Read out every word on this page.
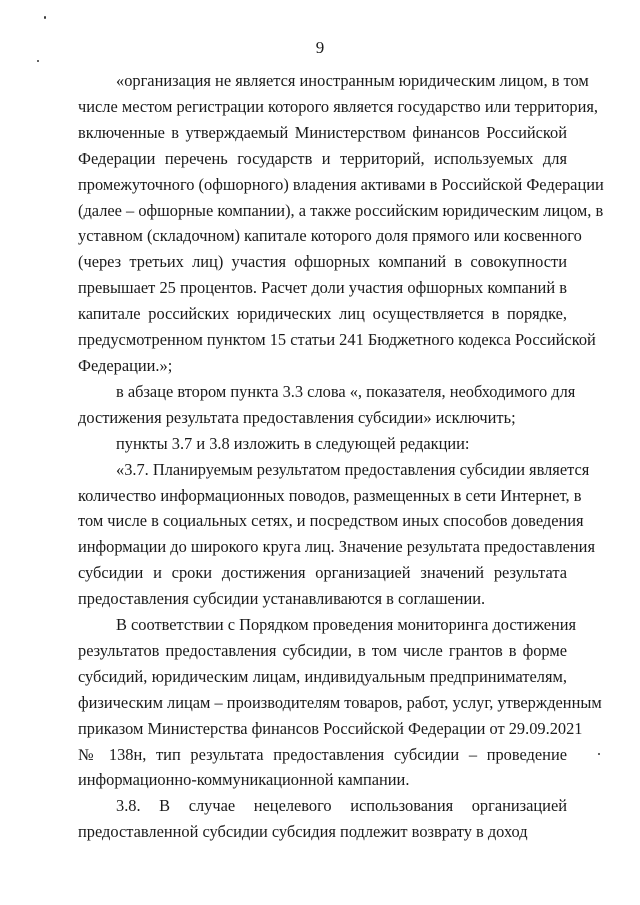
9
«организация не является иностранным юридическим лицом, в том
числе местом регистрации которого является государство или территория,
включенные в утверждаемый Министерством финансов Российской
Федерации перечень государств и территорий, используемых для
промежуточного (офшорного) владения активами в Российской Федерации
(далее – офшорные компании), а также российским юридическим лицом, в
уставном (складочном) капитале которого доля прямого или косвенного
(через третьих лиц) участия офшорных компаний в совокупности
превышает 25 процентов. Расчет доли участия офшорных компаний в
капитале российских юридических лиц осуществляется в порядке,
предусмотренном пунктом 15 статьи 241 Бюджетного кодекса Российской
Федерации.»;
в абзаце втором пункта 3.3 слова «, показателя, необходимого для
достижения результата предоставления субсидии» исключить;
пункты 3.7 и 3.8 изложить в следующей редакции:
«3.7. Планируемым результатом предоставления субсидии является
количество информационных поводов, размещенных в сети Интернет, в
том числе в социальных сетях, и посредством иных способов доведения
информации до широкого круга лиц. Значение результата предоставления
субсидии и сроки достижения организацией значений результата
предоставления субсидии устанавливаются в соглашении.
В соответствии с Порядком проведения мониторинга достижения
результатов предоставления субсидии, в том числе грантов в форме
субсидий, юридическим лицам, индивидуальным предпринимателям,
физическим лицам – производителям товаров, работ, услуг, утвержденным
приказом Министерства финансов Российской Федерации от 29.09.2021
№ 138н, тип результата предоставления субсидии – проведение
информационно-коммуникационной кампании.
3.8. В случае нецелевого использования организацией
предоставленной субсидии субсидия подлежит возврату в доход
